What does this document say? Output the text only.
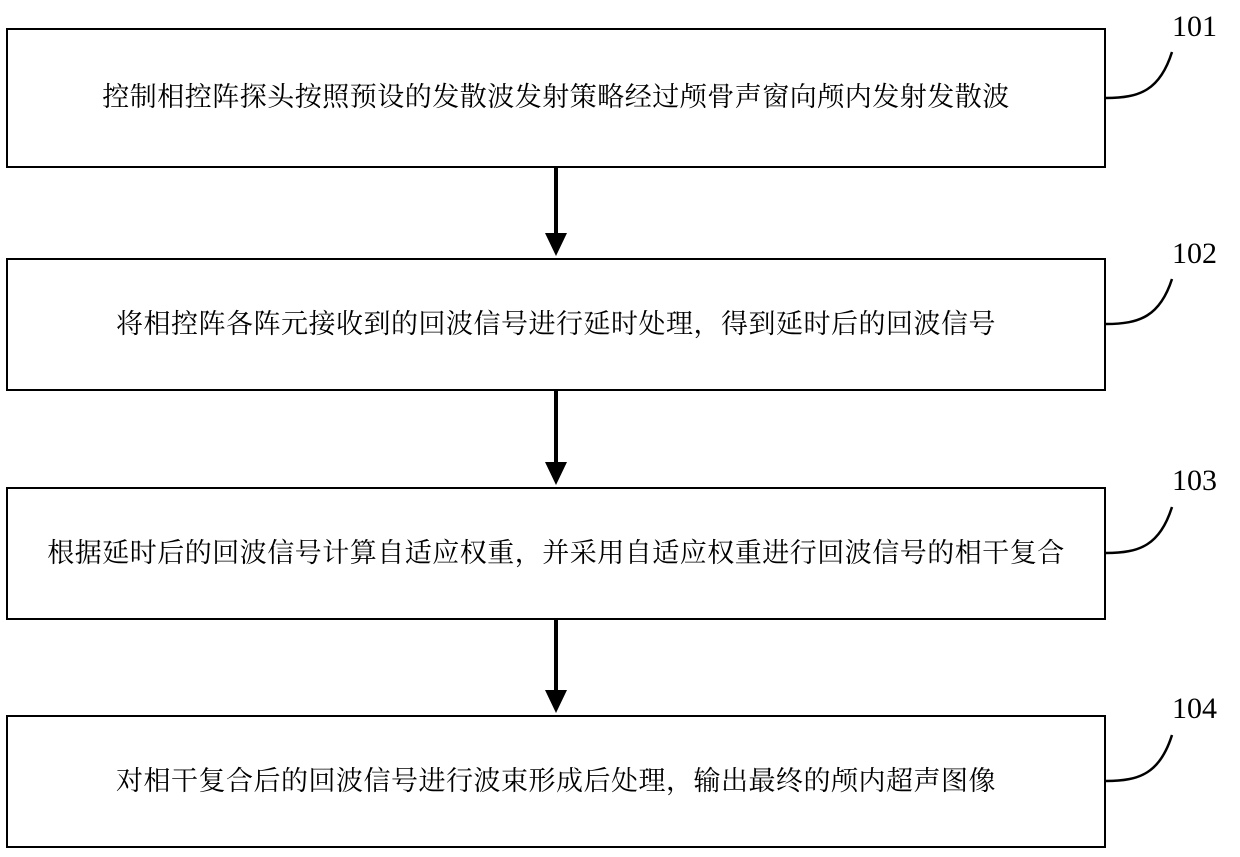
控制相控阵探头按照预设的发散波发射策略经过颅骨声窗向颅内发射发散波
101
将相控阵各阵元接收到的回波信号进行延时处理，得到延时后的回波信号
102
根据延时后的回波信号计算自适应权重，并采用自适应权重进行回波信号的相干复合
103
对相干复合后的回波信号进行波束形成后处理，输出最终的颅内超声图像
104
